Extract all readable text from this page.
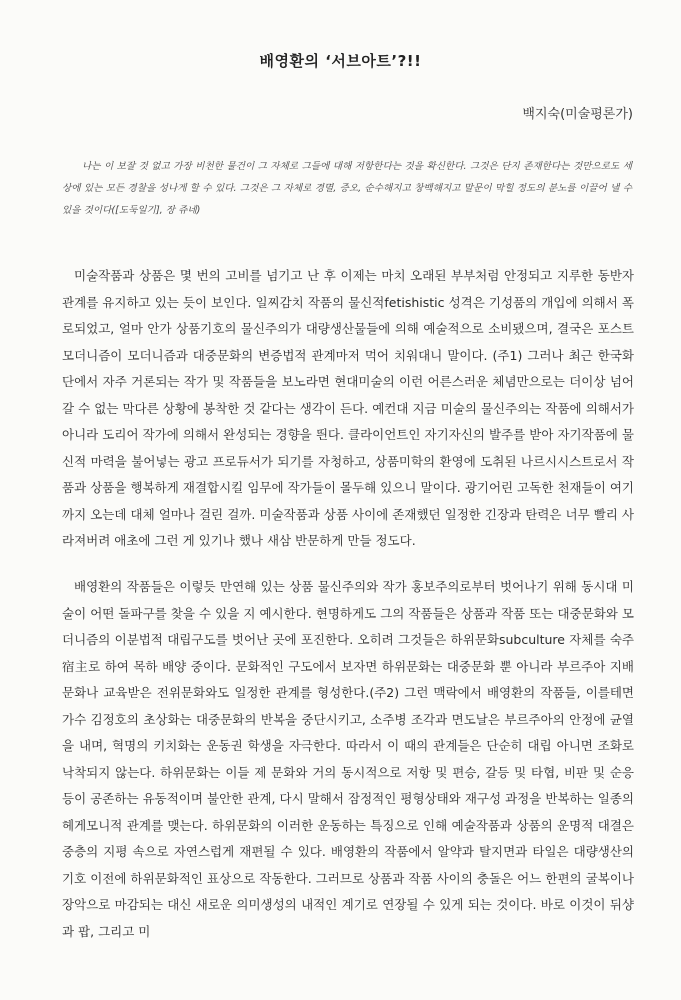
배영환의 ‘서브아트’?!!
백지숙(미술평론가)
나는 이 보잘 것 없고 가장 비천한 물건이 그 자체로 그들에 대해 저항한다는 것을 확신한다. 그것은 단지 존재한다는 것만으로도 세상에 있는 모든 경찰을 성나게 할 수 있다. 그것은 그 자체로 경멸, 증오, 순수해지고 창백해지고 말문이 막힐 정도의 분노를 이끌어 낼 수 있을 것이다([도둑일기], 장 쥬네)
미술작품과 상품은 몇 번의 고비를 넘기고 난 후 이제는 마치 오래된 부부처럼 안정되고 지루한 동반자 관계를 유지하고 있는 듯이 보인다. 일찌감치 작품의 물신적fetishistic 성격은 기성품의 개입에 의해서 폭로되었고, 얼마 안가 상품기호의 물신주의가 대량생산물들에 의해 예술적으로 소비됐으며, 결국은 포스트모더니즘이 모더니즘과 대중문화의 변증법적 관계마저 먹어 치워대니 말이다. (주1) 그러나 최근 한국화단에서 자주 거론되는 작가 및 작품들을 보노라면 현대미술의 이런 어른스러운 체념만으로는 더이상 넘어갈 수 없는 막다른 상황에 봉착한 것 같다는 생각이 든다. 예컨대 지금 미술의 물신주의는 작품에 의해서가 아니라 도리어 작가에 의해서 완성되는 경향을 띈다. 클라이언트인 자기자신의 발주를 받아 자기작품에 물신적 마력을 불어넣는 광고 프로듀서가 되기를 자청하고, 상품미학의 환영에 도취된 나르시시스트로서 작품과 상품을 행복하게 재결합시킬 임무에 작가들이 몰두해 있으니 말이다. 광기어린 고독한 천재들이 여기까지 오는데 대체 얼마나 걸린 걸까. 미술작품과 상품 사이에 존재했던 일정한 긴장과 탄력은 너무 빨리 사라져버려 애초에 그런 게 있기나 했나 새삼 반문하게 만들 정도다.
배영환의 작품들은 이렇듯 만연해 있는 상품 물신주의와 작가 홍보주의로부터 벗어나기 위해 동시대 미술이 어떤 돌파구를 찾을 수 있을 지 예시한다. 현명하게도 그의 작품들은 상품과 작품 또는 대중문화와 모더니즘의 이분법적 대립구도를 벗어난 곳에 포진한다. 오히려 그것들은 하위문화subculture 자체를 숙주宿主로 하여 목하 배양 중이다. 문화적인 구도에서 보자면 하위문화는 대중문화 뿐 아니라 부르주아 지배문화나 교육받은 전위문화와도 일정한 관계를 형성한다.(주2) 그런 맥락에서 배영환의 작품들, 이를테면 가수 김정호의 초상화는 대중문화의 반복을 중단시키고, 소주병 조각과 면도날은 부르주아의 안정에 균열을 내며, 혁명의 키치화는 운동권 학생을 자극한다. 따라서 이 때의 관계들은 단순히 대립 아니면 조화로 낙착되지 않는다. 하위문화는 이들 제 문화와 거의 동시적으로 저항 및 편승, 갈등 및 타협, 비판 및 순응 등이 공존하는 유동적이며 불안한 관계, 다시 말해서 잠정적인 평형상태와 재구성 과정을 반복하는 일종의 헤게모니적 관계를 맺는다. 하위문화의 이러한 운동하는 특징으로 인해 예술작품과 상품의 운명적 대결은 중층의 지평 속으로 자연스럽게 재편될 수 있다. 배영환의 작품에서 알약과 탈지면과 타일은 대량생산의 기호 이전에 하위문화적인 표상으로 작동한다. 그러므로 상품과 작품 사이의 충돌은 어느 한편의 굴복이나 장악으로 마감되는 대신 새로운 의미생성의 내적인 계기로 연장될 수 있게 되는 것이다. 바로 이것이 뒤샹과 팝, 그리고 미
